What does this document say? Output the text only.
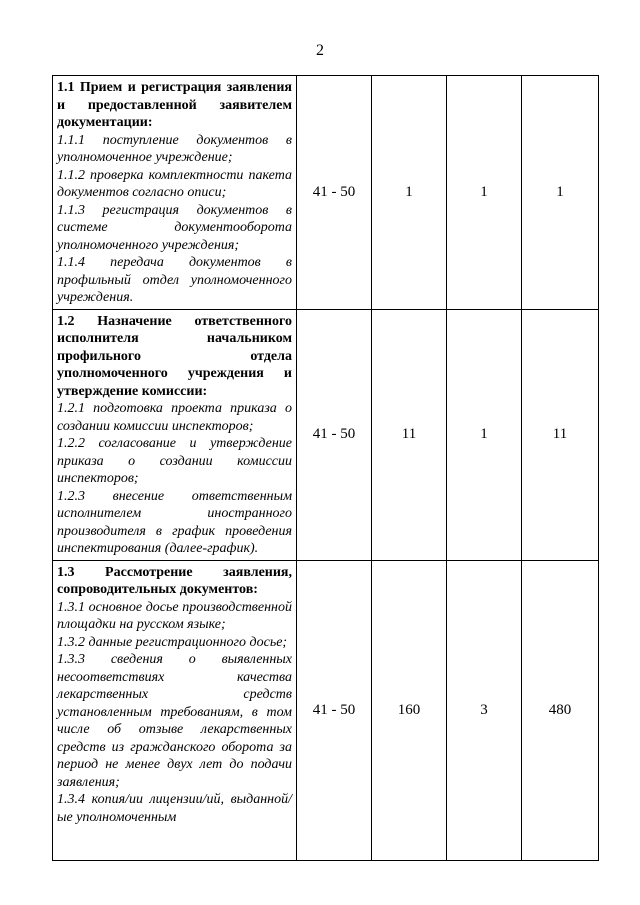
2
1.1 Прием и регистрация заявления и предоставленной заявителем документации:
1.1.1 поступление документов в уполномоченное учреждение;
1.1.2 проверка комплектности пакета документов согласно описи;
1.1.3 регистрация документов в системе документооборота уполномоченного учреждения;
1.1.4 передача документов в профильный отдел уполномоченного учреждения.	41 - 50	1	1	1

1.2 Назначение ответственного исполнителя начальником профильного отдела уполномоченного учреждения и утверждение комиссии:
1.2.1 подготовка проекта приказа о создании комиссии инспекторов;
1.2.2 согласование и утверждение приказа о создании комиссии инспекторов;
1.2.3 внесение ответственным исполнителем иностранного производителя в график проведения инспектирования (далее-график).	41 - 50	11	1	11

1.3 Рассмотрение заявления, сопроводительных документов:
1.3.1 основное досье производственной площадки на русском языке;
1.3.2 данные регистрационного досье;
1.3.3 сведения о выявленных несоответствиях качества лекарственных средств установленным требованиям, в том числе об отзыве лекарственных средств из гражданского оборота за период не менее двух лет до подачи заявления;
1.3.4 копия/ии лицензии/ий, выданной/ые уполномоченным	41 - 50	160	3	480
